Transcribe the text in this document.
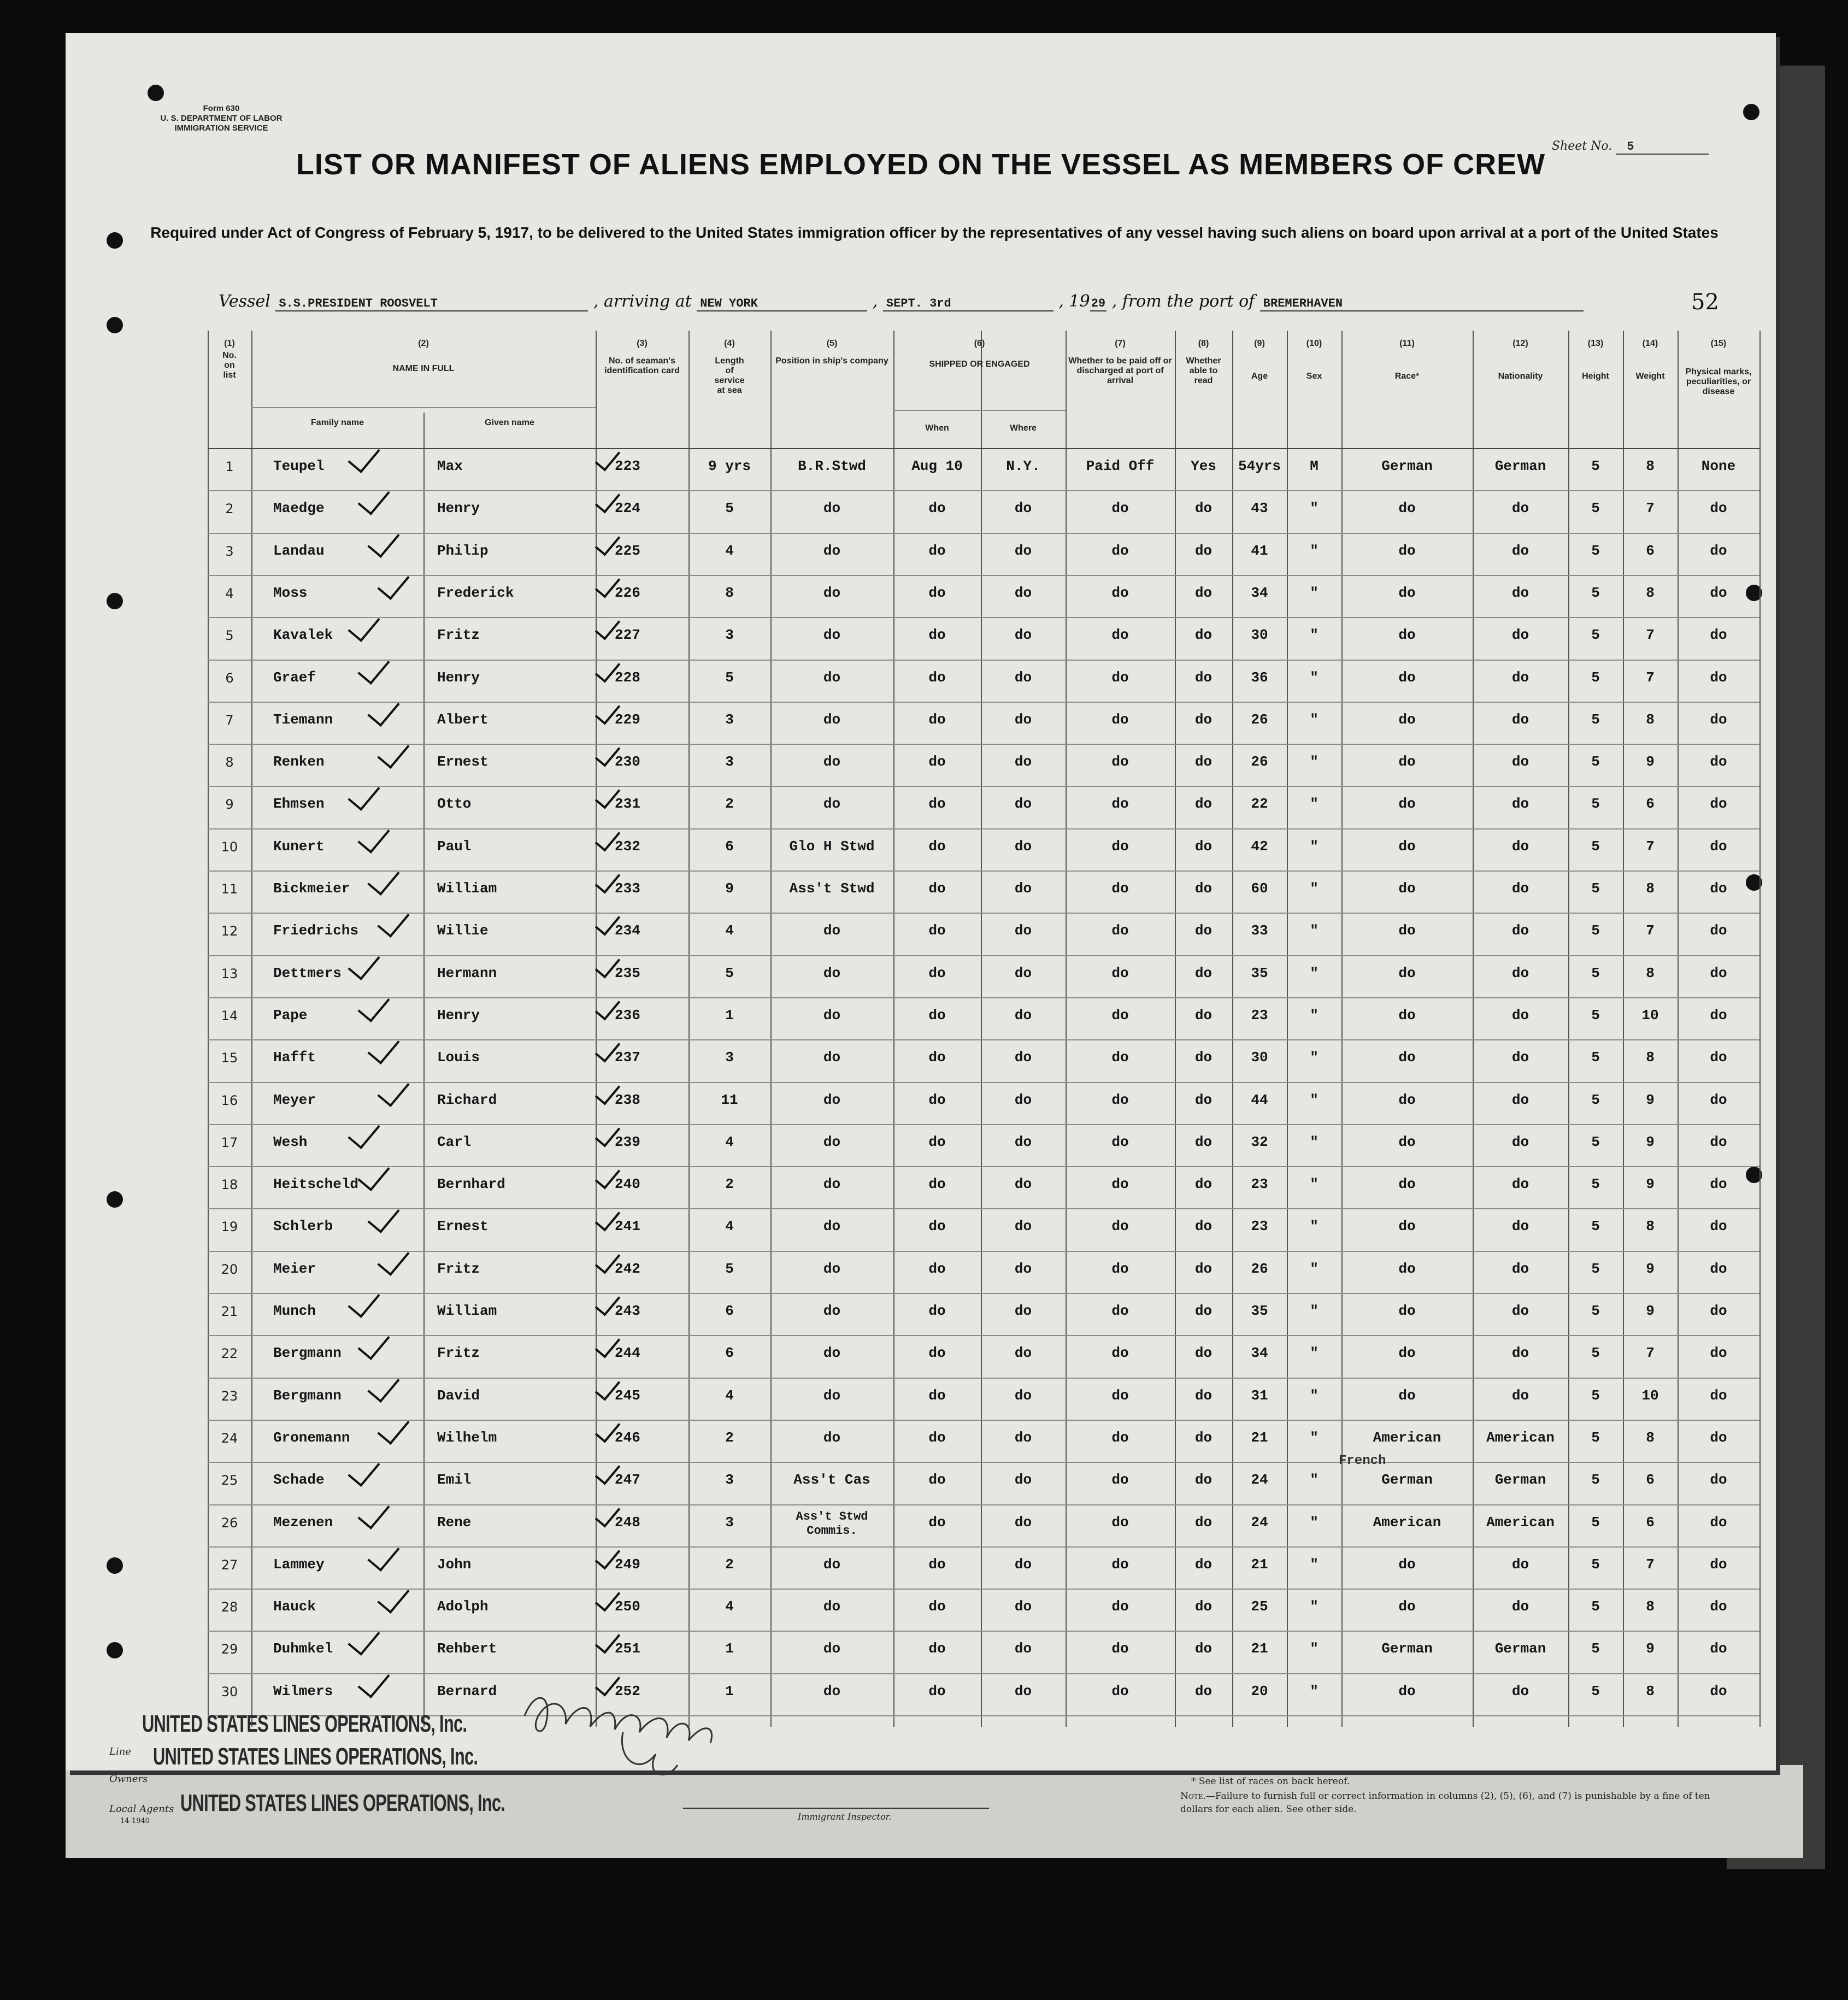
Form 630
U. S. DEPARTMENT OF LABOR
IMMIGRATION SERVICE
Sheet No. 5
LIST OR MANIFEST OF ALIENS EMPLOYED ON THE VESSEL AS MEMBERS OF CREW
Required under Act of Congress of February 5, 1917, to be delivered to the United States immigration officer by the representatives of any vessel having such aliens on board upon arrival at a port of the United States
Vessel S.S.PRESIDENT ROOSVELT	, arriving at NEW YORK	, SEPT. 3rd	, 1929 , from the port of BREMERHAVEN	52
(1)
No. on list
(2)
NAME IN FULL
Family name	Given name
(3)
No. of seaman's identification card
(4)
Length of service at sea
(5)
Position in ship's company
(6)
SHIPPED OR ENGAGED
When	Where
(7)
Whether to be paid off or discharged at port of arrival
(8)
Whether able to read
(9)
Age
(10)
Sex
(11)
Race*
(12)
Nationality
(13)
Height
(14)
Weight
(15)
Physical marks, peculiarities, or disease
1	Teupel	Max	223	9 yrs	B.R.Stwd	Aug 10	N.Y.	Paid Off	Yes	54yrs	M	German	German	5	8	None
2	Maedge	Henry	224	5	do	do	do	do	do	43	"	do	do	5	7	do
3	Landau	Philip	225	4	do	do	do	do	do	41	"	do	do	5	6	do
4	Moss	Frederick	226	8	do	do	do	do	do	34	"	do	do	5	8	do
5	Kavalek	Fritz	227	3	do	do	do	do	do	30	"	do	do	5	7	do
6	Graef	Henry	228	5	do	do	do	do	do	36	"	do	do	5	7	do
7	Tiemann	Albert	229	3	do	do	do	do	do	26	"	do	do	5	8	do
8	Renken	Ernest	230	3	do	do	do	do	do	26	"	do	do	5	9	do
9	Ehmsen	Otto	231	2	do	do	do	do	do	22	"	do	do	5	6	do
10	Kunert	Paul	232	6	Glo H Stwd	do	do	do	do	42	"	do	do	5	7	do
11	Bickmeier	William	233	9	Ass't Stwd	do	do	do	do	60	"	do	do	5	8	do
12	Friedrichs	Willie	234	4	do	do	do	do	do	33	"	do	do	5	7	do
13	Dettmers	Hermann	235	5	do	do	do	do	do	35	"	do	do	5	8	do
14	Pape	Henry	236	1	do	do	do	do	do	23	"	do	do	5	10	do
15	Hafft	Louis	237	3	do	do	do	do	do	30	"	do	do	5	8	do
16	Meyer	Richard	238	11	do	do	do	do	do	44	"	do	do	5	9	do
17	Wesh	Carl	239	4	do	do	do	do	do	32	"	do	do	5	9	do
18	Heitscheld	Bernhard	240	2	do	do	do	do	do	23	"	do	do	5	9	do
19	Schlerb	Ernest	241	4	do	do	do	do	do	23	"	do	do	5	8	do
20	Meier	Fritz	242	5	do	do	do	do	do	26	"	do	do	5	9	do
21	Munch	William	243	6	do	do	do	do	do	35	"	do	do	5	9	do
22	Bergmann	Fritz	244	6	do	do	do	do	do	34	"	do	do	5	7	do
23	Bergmann	David	245	4	do	do	do	do	do	31	"	do	do	5	10	do
24	Gronemann	Wilhelm	246	2	do	do	do	do	do	21	"	American	American	5	8	do
25	Schade	Emil	247	3	Ass't Cas	do	do	do	do	24	"	German	German	5	6	do
26	Mezenen	Rene	248	3	Ass't Stwd Commis.
do	do	do	do	24	"	American	American	5	6	do
27	Lammey	John	249	2	do	do	do	do	do	21	"	do	do	5	7	do
28	Hauck	Adolph	250	4	do	do	do	do	do	25	"	do	do	5	8	do
29	Duhmkel	Rehbert	251	1	do	do	do	do	do	21	"	German	German	5	9	do
30	Wilmers	Bernard	252	1	do	do	do	do	do	20	"	do	do	5	8	do
French
UNITED STATES LINES OPERATIONS, Inc.
Line UNITED STATES LINES OPERATIONS, Inc.
Owners
Local Agents UNITED STATES LINES OPERATIONS, Inc.
14-1940	Immigrant Inspector.
* See list of races on back hereof.
Note.—Failure to furnish full or correct information in columns (2), (5), (6), and (7) is punishable by a fine of ten dollars for each alien. See other side.
